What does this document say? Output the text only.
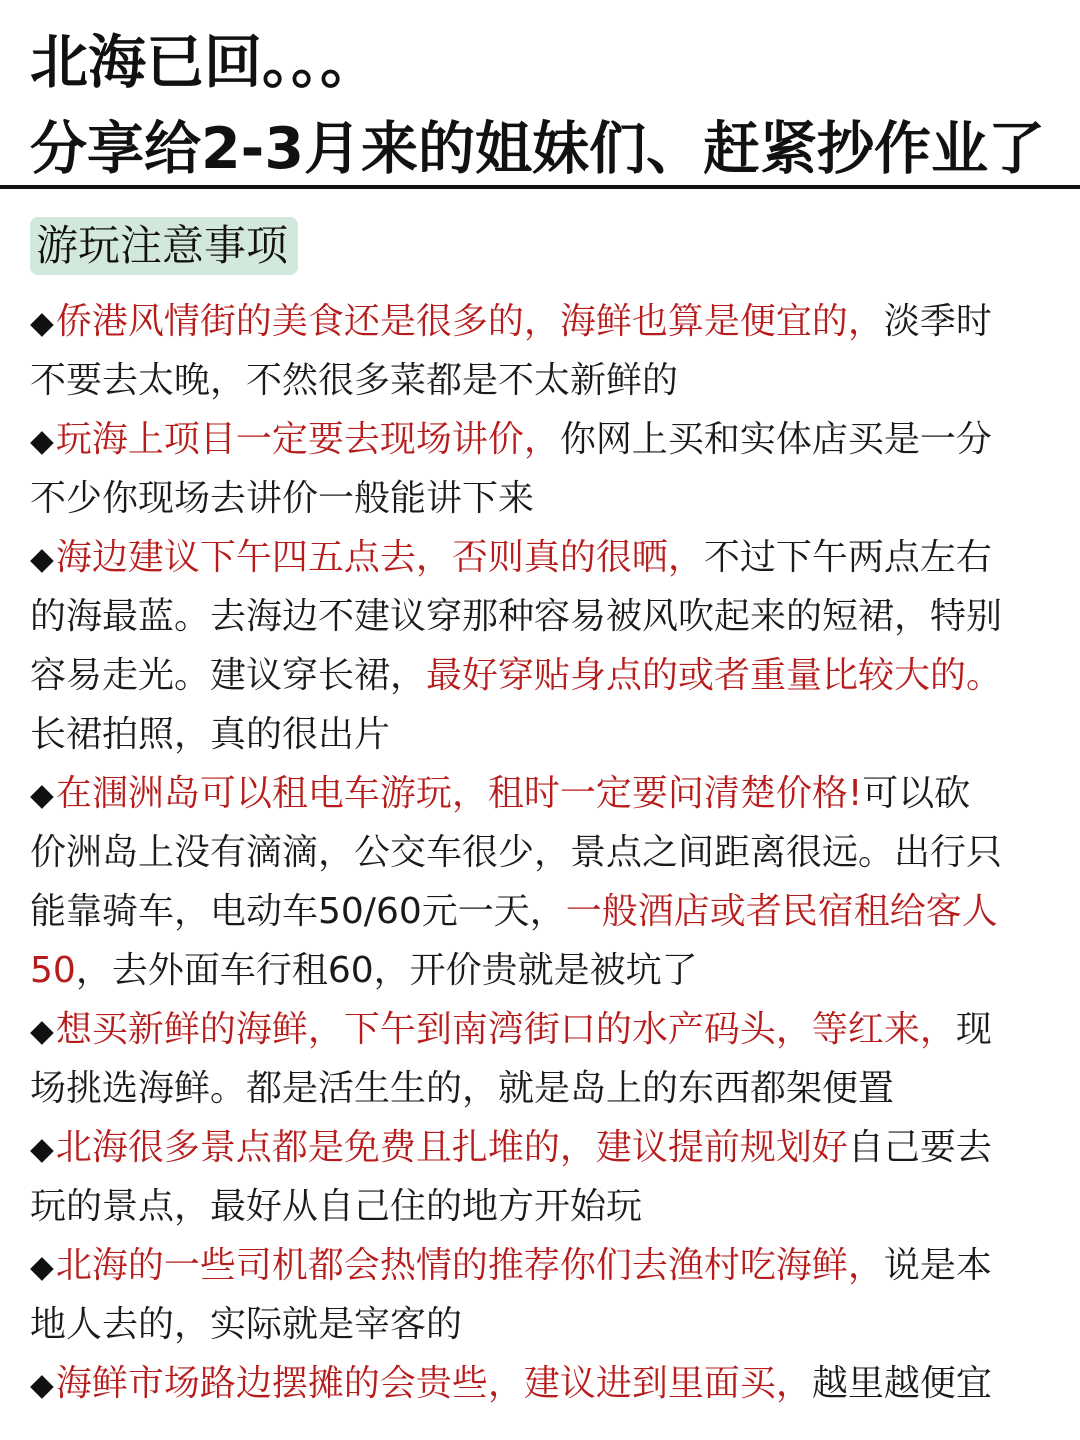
北海已回。。。
分享给2-3月来的姐妹们、赶紧抄作业了
游玩注意事项

◆侨港风情街的美食还是很多的，海鲜也算是便宜的，淡季时
不要去太晚，不然很多菜都是不太新鲜的

◆玩海上项目一定要去现场讲价，你网上买和实体店买是一分
不少你现场去讲价一般能讲下来

◆海边建议下午四五点去，否则真的很晒，不过下午两点左右
的海最蓝。去海边不建议穿那种容易被风吹起来的短裙，特别
容易走光。建议穿长裙，最好穿贴身点的或者重量比较大的。
长裙拍照，真的很出片

◆在涠洲岛可以租电车游玩，租时一定要问清楚价格!可以砍
价洲岛上没有滴滴，公交车很少，景点之间距离很远。出行只
能靠骑车，电动车50/60元一天，一般酒店或者民宿租给客人
50，去外面车行租60，开价贵就是被坑了

◆想买新鲜的海鲜，下午到南湾街口的水产码头，等红来，现
场挑选海鲜。都是活生生的，就是岛上的东西都架便置

◆北海很多景点都是免费且扎堆的，建议提前规划好自己要去
玩的景点，最好从自己住的地方开始玩

◆北海的一些司机都会热情的推荐你们去渔村吃海鲜，说是本
地人去的，实际就是宰客的

◆海鲜市场路边摆摊的会贵些，建议进到里面买，越里越便宜
